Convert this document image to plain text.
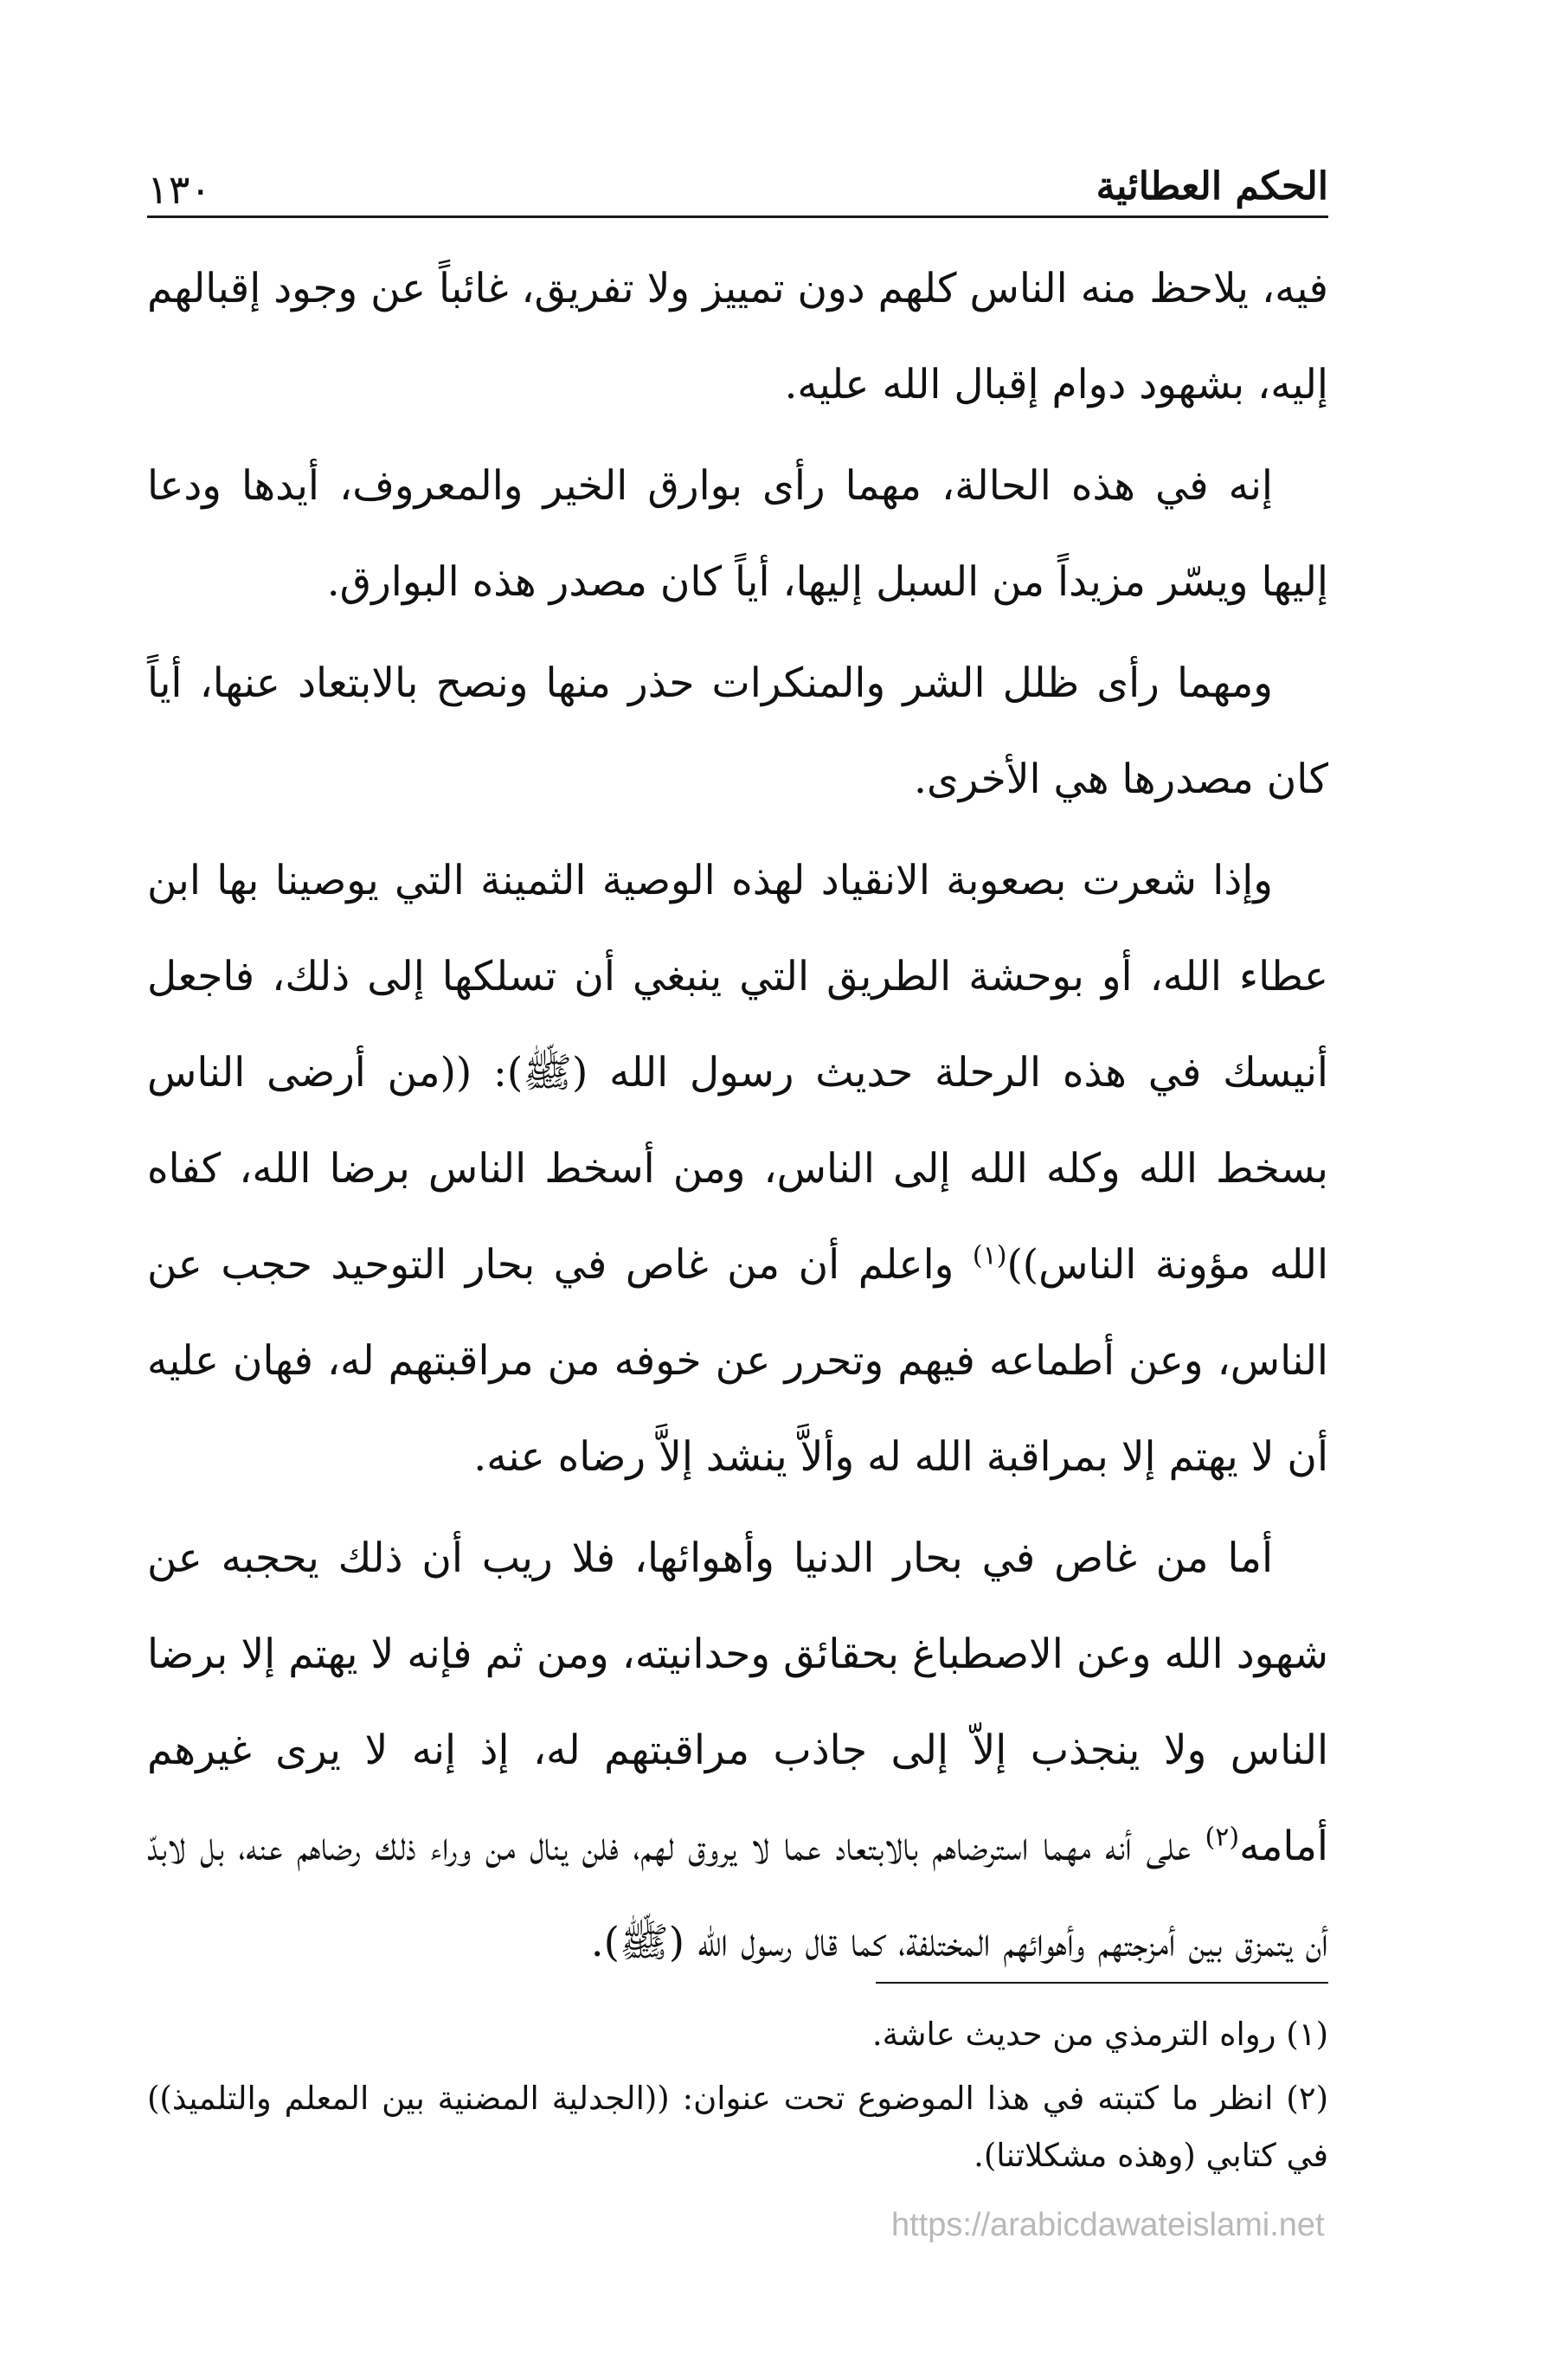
الحكم العطائية
١٣٠

فيه، يلاحظ منه الناس كلهم دون تمييز ولا تفريق، غائباً عن وجود إقبالهم إليه، بشهود دوام إقبال الله عليه.

إنه في هذه الحالة، مهما رأى بوارق الخير والمعروف، أيدها ودعا إليها ويسّر مزيداً من السبل إليها، أياً كان مصدر هذه البوارق.

ومهما رأى ظلل الشر والمنكرات حذر منها ونصح بالابتعاد عنها، أياً كان مصدرها هي الأخرى.

وإذا شعرت بصعوبة الانقياد لهذه الوصية الثمينة التي يوصينا بها ابن عطاء الله، أو بوحشة الطريق التي ينبغي أن تسلكها إلى ذلك، فاجعل أنيسك في هذه الرحلة حديث رسول الله (ﷺ): ((من أرضى الناس بسخط الله وكله الله إلى الناس، ومن أسخط الناس برضا الله، كفاه الله مؤونة الناس))$^{(١)}$ واعلم أن من غاص في بحار التوحيد حجب عن الناس، وعن أطماعه فيهم وتحرر عن خوفه من مراقبتهم له، فهان عليه أن لا يهتم إلا بمراقبة الله له وألاَّ ينشد إلاَّ رضاه عنه.

أما من غاص في بحار الدنيا وأهوائها، فلا ريب أن ذلك يحجبه عن شهود الله وعن الاصطباغ بحقائق وحدانيته، ومن ثم فإنه لا يهتم إلا برضا الناس ولا ينجذب إلاّ إلى جاذب مراقبتهم له، إذ إنه لا يرى غيرهم أمامه$^{(٢)}$ على أنه مهما استرضاهم بالابتعاد عما لا يروق لهم، فلن ينال من وراء ذلك رضاهم عنه، بل لابدّ أن يتمزق بين أمزجتهم وأهوائهم المختلفة، كما قال رسول الله (ﷺ).

(١) رواه الترمذي من حديث عاشة.

(٢) انظر ما كتبته في هذا الموضوع تحت عنوان: ((الجدلية المضنية بين المعلم والتلميذ)) في كتابي (وهذه مشكلاتنا).

https://arabicdawateislami.net
